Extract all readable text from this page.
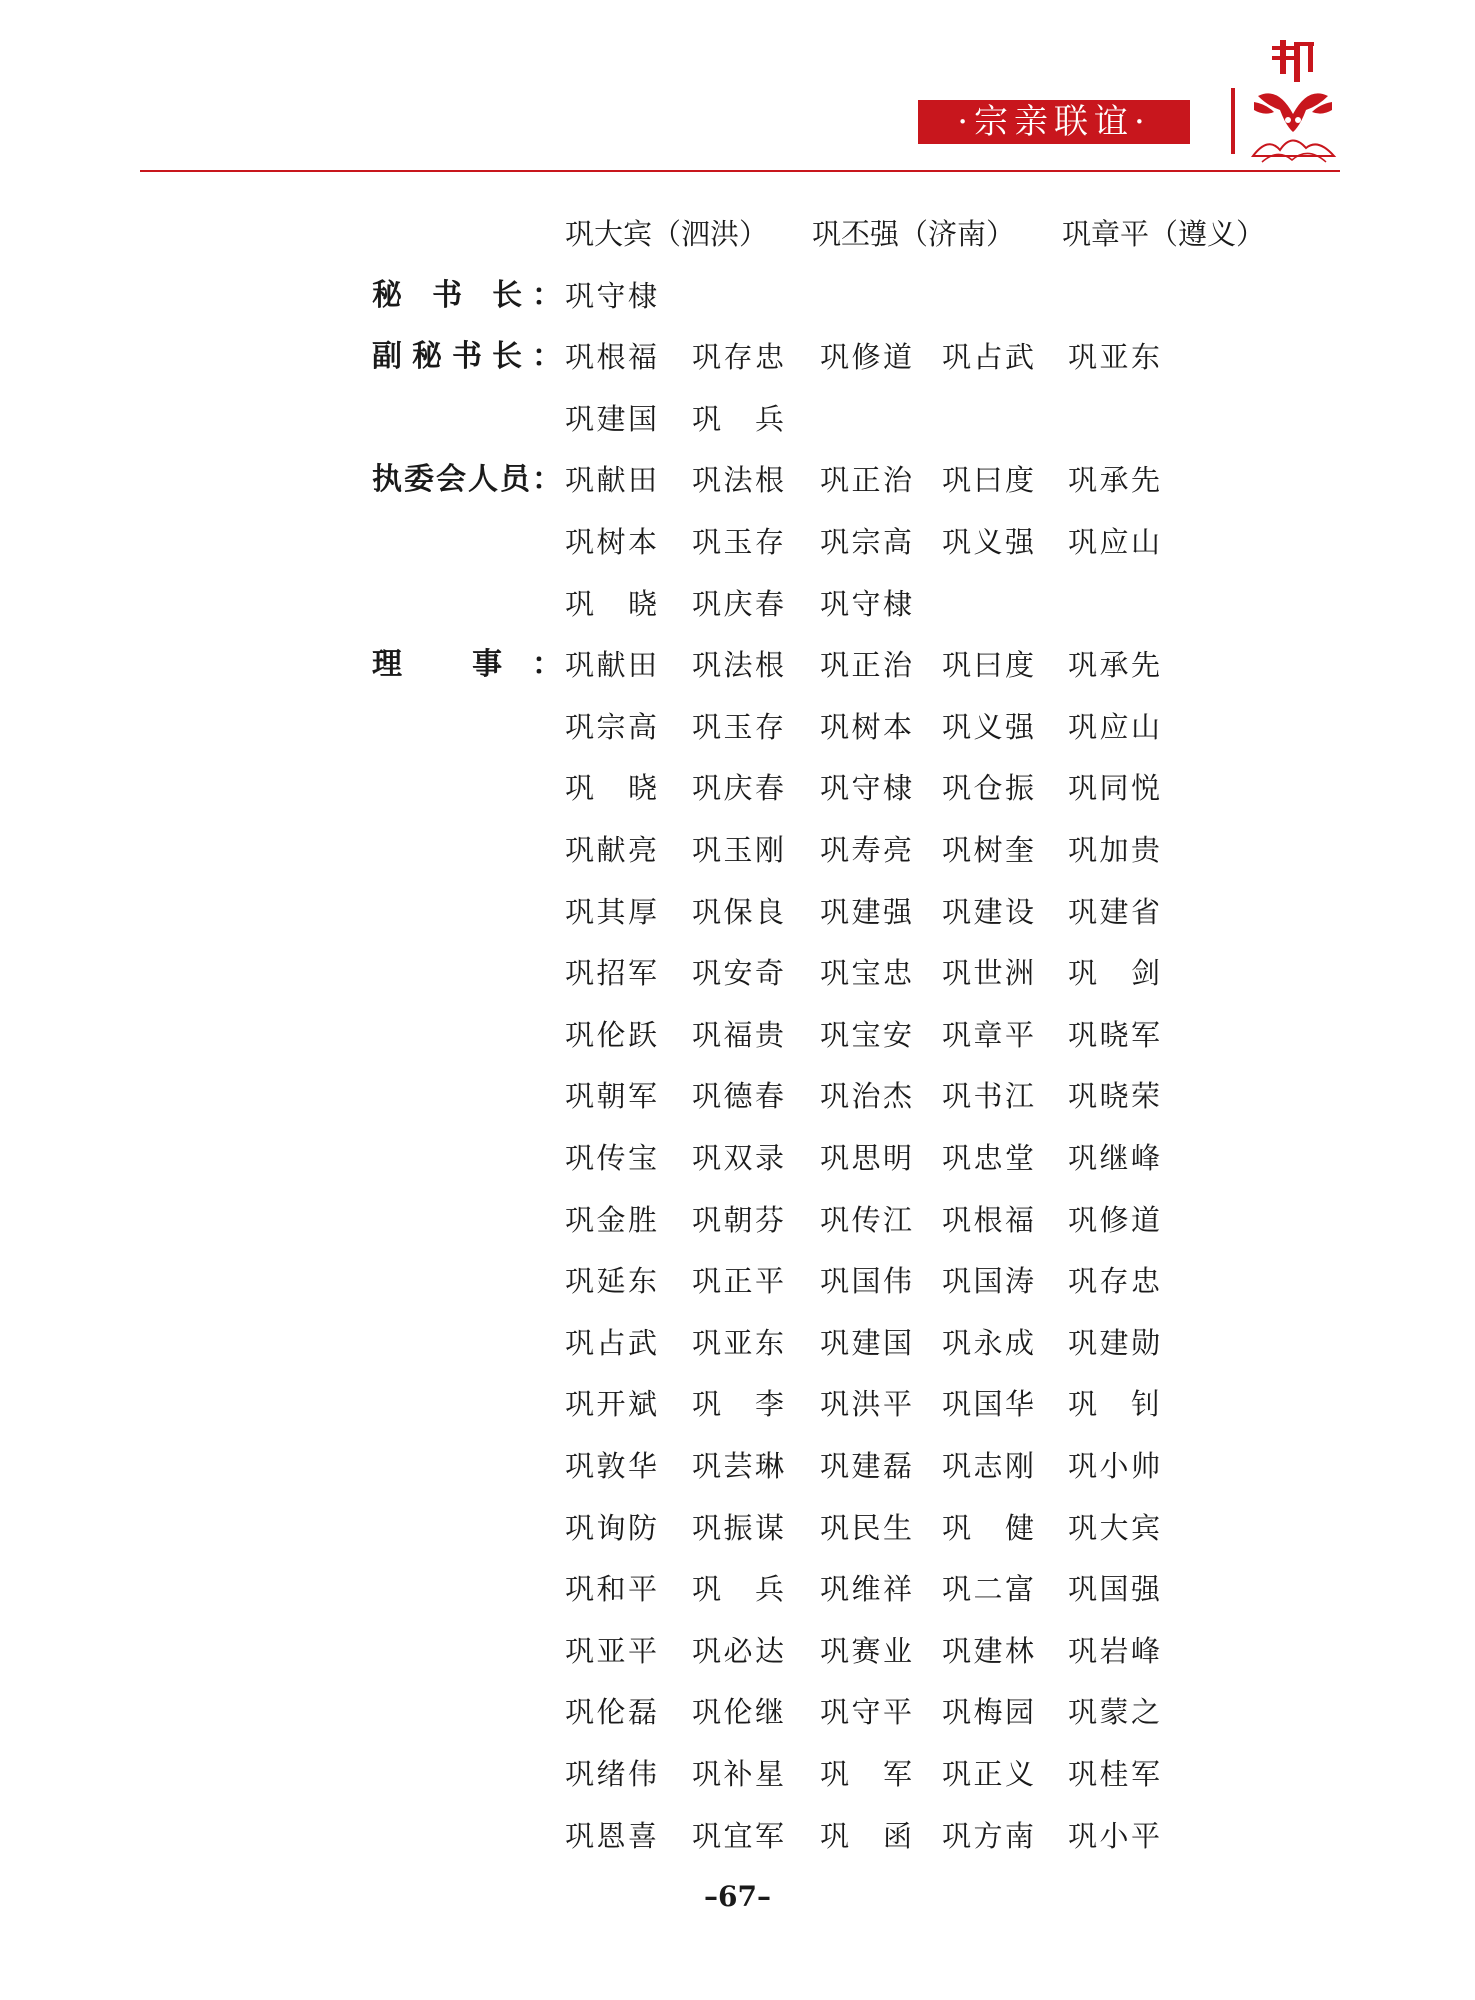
·宗亲联谊·
巩大宾（泗洪） 巩丕强（济南） 巩章平（遵义）
秘 书 长： 巩守棣
副秘书长： 巩根福 巩存忠 巩修道 巩占武 巩亚东
巩建国 巩 兵
执委会人员： 巩献田 巩法根 巩正治 巩曰度 巩承先
巩树本 巩玉存 巩宗高 巩义强 巩应山
巩 晓 巩庆春 巩守棣
理 事： 巩献田 巩法根 巩正治 巩曰度 巩承先
巩宗高 巩玉存 巩树本 巩义强 巩应山
巩 晓 巩庆春 巩守棣 巩仓振 巩同悦
巩献亮 巩玉刚 巩寿亮 巩树奎 巩加贵
巩其厚 巩保良 巩建强 巩建设 巩建省
巩招军 巩安奇 巩宝忠 巩世洲 巩 剑
巩伦跃 巩福贵 巩宝安 巩章平 巩晓军
巩朝军 巩德春 巩治杰 巩书江 巩晓荣
巩传宝 巩双录 巩思明 巩忠堂 巩继峰
巩金胜 巩朝芬 巩传江 巩根福 巩修道
巩延东 巩正平 巩国伟 巩国涛 巩存忠
巩占武 巩亚东 巩建国 巩永成 巩建勋
巩开斌 巩 李 巩洪平 巩国华 巩 钊
巩敦华 巩芸琳 巩建磊 巩志刚 巩小帅
巩询防 巩振谋 巩民生 巩 健 巩大宾
巩和平 巩 兵 巩维祥 巩二富 巩国强
巩亚平 巩必达 巩赛业 巩建林 巩岩峰
巩伦磊 巩伦继 巩守平 巩梅园 巩蒙之
巩绪伟 巩补星 巩 军 巩正义 巩桂军
巩恩喜 巩宜军 巩 函 巩方南 巩小平
–67–
